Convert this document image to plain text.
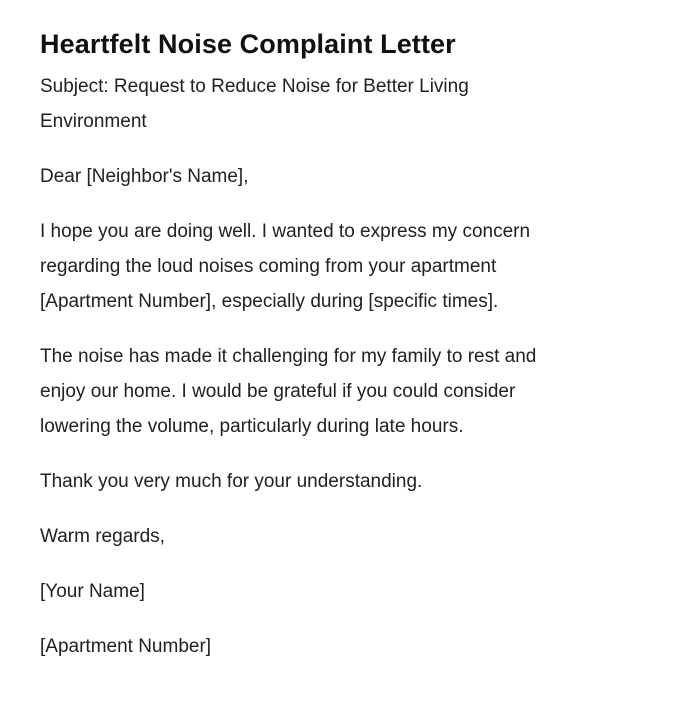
Heartfelt Noise Complaint Letter
Subject: Request to Reduce Noise for Better Living
Environment
Dear [Neighbor's Name],
I hope you are doing well. I wanted to express my concern
regarding the loud noises coming from your apartment
[Apartment Number], especially during [specific times].
The noise has made it challenging for my family to rest and
enjoy our home. I would be grateful if you could consider
lowering the volume, particularly during late hours.
Thank you very much for your understanding.
Warm regards,
[Your Name]
[Apartment Number]
